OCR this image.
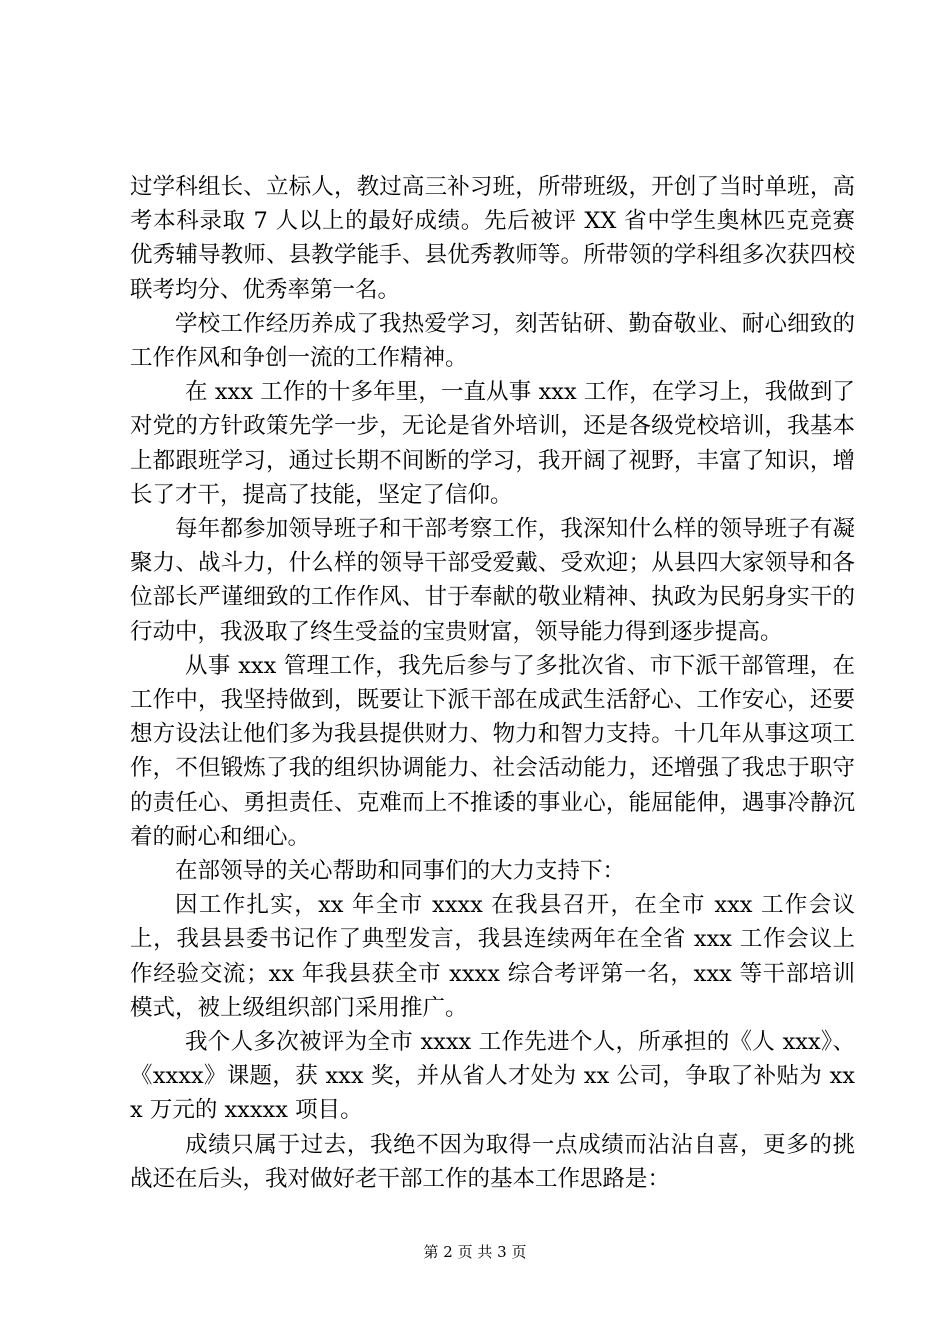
过学科组长、立标人，教过高三补习班，所带班级，开创了当时单班，高考本科录取 7 人以上的最好成绩。先后被评 XX 省中学生奥林匹克竞赛优秀辅导教师、县教学能手、县优秀教师等。所带领的学科组多次获四校联考均分、优秀率第一名。

学校工作经历养成了我热爱学习，刻苦钻研、勤奋敬业、耐心细致的工作作风和争创一流的工作精神。

在 xxx 工作的十多年里，一直从事 xxx 工作，在学习上，我做到了对党的方针政策先学一步，无论是省外培训，还是各级党校培训，我基本上都跟班学习，通过长期不间断的学习，我开阔了视野，丰富了知识，增长了才干，提高了技能，坚定了信仰。

每年都参加领导班子和干部考察工作，我深知什么样的领导班子有凝聚力、战斗力，什么样的领导干部受爱戴、受欢迎；从县四大家领导和各位部长严谨细致的工作作风、甘于奉献的敬业精神、执政为民躬身实干的行动中，我汲取了终生受益的宝贵财富，领导能力得到逐步提高。

从事 xxx 管理工作，我先后参与了多批次省、市下派干部管理，在工作中，我坚持做到，既要让下派干部在成武生活舒心、工作安心，还要想方设法让他们多为我县提供财力、物力和智力支持。十几年从事这项工作，不但锻炼了我的组织协调能力、社会活动能力，还增强了我忠于职守的责任心、勇担责任、克难而上不推诿的事业心，能屈能伸，遇事冷静沉着的耐心和细心。

在部领导的关心帮助和同事们的大力支持下：

因工作扎实，xx 年全市 xxxx 在我县召开，在全市 xxx 工作会议上，我县县委书记作了典型发言，我县连续两年在全省 xxx 工作会议上作经验交流；xx 年我县获全市 xxxx 综合考评第一名，xxx 等干部培训模式，被上级组织部门采用推广。

我个人多次被评为全市 xxxx 工作先进个人，所承担的《人 xxx》、《xxxx》课题，获 xxx 奖，并从省人才处为 xx 公司，争取了补贴为 xxx 万元的 xxxxx 项目。

成绩只属于过去，我绝不因为取得一点成绩而沾沾自喜，更多的挑战还在后头，我对做好老干部工作的基本工作思路是：

第 2 页 共 3 页
